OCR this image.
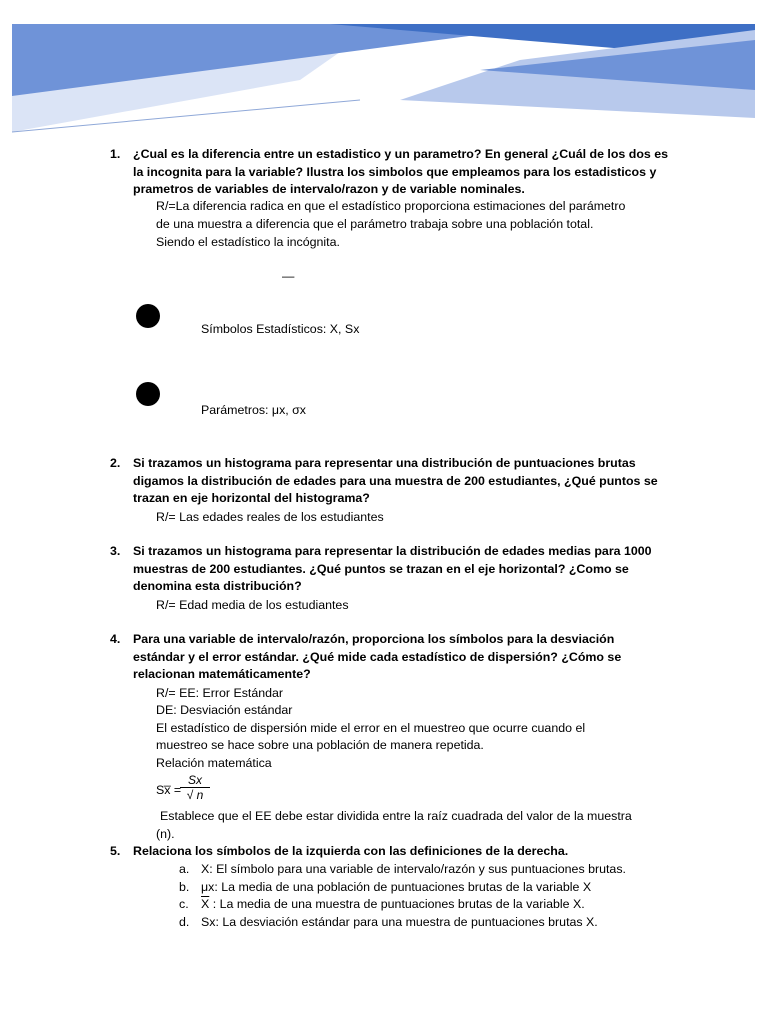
1. ¿Cual es la diferencia entre un estadistico y un parametro? En general ¿Cuál de los dos es
la incognita para la variable? Ilustra los simbolos que empleamos para los estadisticos y
prametros de variables de intervalo/razon y de variable nominales.
R/=La diferencia radica en que el estadístico proporciona estimaciones del parámetro
de una muestra a diferencia que el parámetro trabaja sobre una población total.
Siendo el estadístico la incógnita.
—
Símbolos Estadísticos: X, Sx
Parámetros: μx, σx
2. Si trazamos un histograma para representar una distribución de puntuaciones brutas
digamos la distribución de edades para una muestra de 200 estudiantes, ¿Qué puntos se
trazan en eje horizontal del histograma?
R/= Las edades reales de los estudiantes
3. Si trazamos un histograma para representar la distribución de edades medias para 1000
muestras de 200 estudiantes. ¿Qué puntos se trazan en el eje horizontal? ¿Como se
denomina esta distribución?
R/= Edad media de los estudiantes
4. Para una variable de intervalo/razón, proporciona los símbolos para la desviación
estándar y el error estándar. ¿Qué mide cada estadístico de dispersión? ¿Cómo se
relacionan matemáticamente?
R/= EE: Error Estándar
DE: Desviación estándar
El estadístico de dispersión mide el error en el muestreo que ocurre cuando el
muestreo se hace sobre una población de manera repetida.
Relación matemática
Sx̅ =
Sx
√ n
Establece que el EE debe estar dividida entre la raíz cuadrada del valor de la muestra
(n).
5. Relaciona los símbolos de la izquierda con las definiciones de la derecha.
a. X: El símbolo para una variable de intervalo/razón y sus puntuaciones brutas.
b. μx: La media de una población de puntuaciones brutas de la variable X
c. $\overline{X}$ : La media de una muestra de puntuaciones brutas de la variable X.
d. Sx: La desviación estándar para una muestra de puntuaciones brutas X.
